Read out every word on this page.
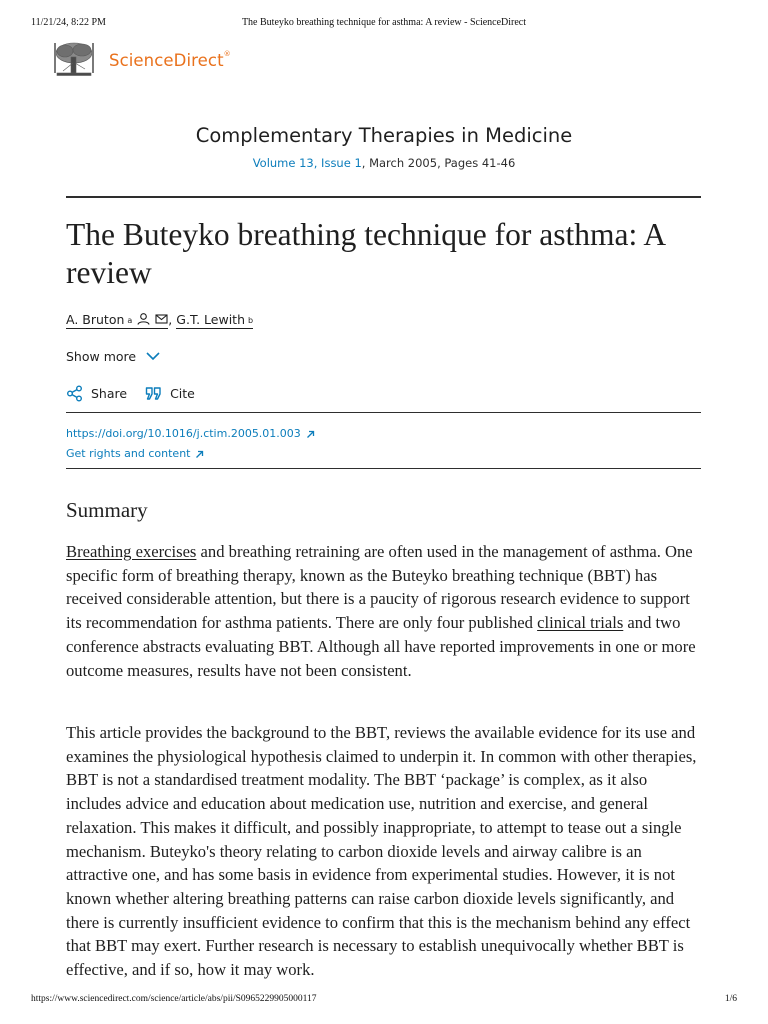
11/21/24, 8:22 PM	The Buteyko breathing technique for asthma: A review - ScienceDirect
ScienceDirect®
Complementary Therapies in Medicine
Volume 13, Issue 1, March 2005, Pages 41-46
The Buteyko breathing technique for asthma: A review
A. Bruton $^a$	, G.T. Lewith $^b$
Show more
Share	Cite
https://doi.org/10.1016/j.ctim.2005.01.003
Get rights and content
Summary

Breathing exercises and breathing retraining are often used in the management of asthma. One specific form of breathing therapy, known as the Buteyko breathing technique (BBT) has received considerable attention, but there is a paucity of rigorous research evidence to support its recommendation for asthma patients. There are only four published clinical trials and two conference abstracts evaluating BBT. Although all have reported improvements in one or more outcome measures, results have not been consistent.

This article provides the background to the BBT, reviews the available evidence for its use and examines the physiological hypothesis claimed to underpin it. In common with other therapies, BBT is not a standardised treatment modality. The BBT ‘package’ is complex, as it also includes advice and education about medication use, nutrition and exercise, and general relaxation. This makes it difficult, and possibly inappropriate, to attempt to tease out a single mechanism. Buteyko's theory relating to carbon dioxide levels and airway calibre is an attractive one, and has some basis in evidence from experimental studies. However, it is not known whether altering breathing patterns can raise carbon dioxide levels significantly, and there is currently insufficient evidence to confirm that this is the mechanism behind any effect that BBT may exert. Further research is necessary to establish unequivocally whether BBT is effective, and if so, how it may work.

https://www.sciencedirect.com/science/article/abs/pii/S0965229905000117	1/6
